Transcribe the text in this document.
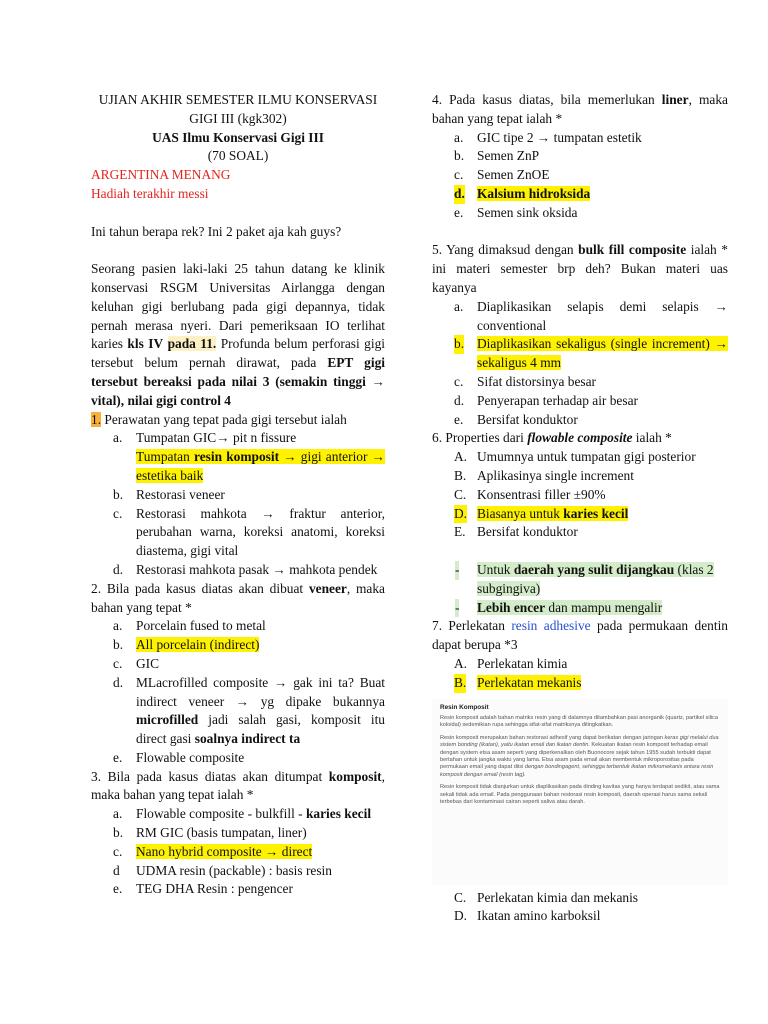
UJIAN AKHIR SEMESTER ILMU KONSERVASI

GIGI III (kgk302)

UAS Ilmu Konservasi Gigi III

(70 SOAL)

ARGENTINA MENANG

Hadiah terakhir messi

Ini tahun berapa rek? Ini 2 paket aja kah guys?

Seorang pasien laki-laki 25 tahun datang ke klinik konservasi RSGM Universitas Airlangga dengan keluhan gigi berlubang pada gigi depannya, tidak pernah merasa nyeri. Dari pemeriksaan IO terlihat karies kls IV pada 11. Profunda belum perforasi gigi tersebut belum pernah dirawat, pada EPT gigi tersebut bereaksi pada nilai 3 (semakin tinggi → vital), nilai gigi control 4

1. Perawatan yang tepat pada gigi tersebut ialah

a. Tumpatan GIC→ pit n fissure
Tumpatan resin komposit → gigi anterior → estetika baik
b. Restorasi veneer
c. Restorasi mahkota → fraktur anterior, perubahan warna, koreksi anatomi, koreksi diastema, gigi vital
d. Restorasi mahkota pasak → mahkota pendek

2. Bila pada kasus diatas akan dibuat veneer, maka bahan yang tepat *

a. Porcelain fused to metal
b. All porcelain (indirect)
c. GIC
d. MLacrofilled composite → gak ini ta? Buat indirect veneer → yg dipake bukannya microfilled jadi salah gasi, komposit itu direct gasi soalnya indirect ta
e. Flowable composite

3. Bila pada kasus diatas akan ditumpat komposit, maka bahan yang tepat ialah *

a. Flowable composite - bulkfill - karies kecil
b. RM GIC (basis tumpatan, liner)
c. Nano hybrid composite → direct
d UDMA resin (packable) : basis resin
e. TEG DHA Resin : pengencer

4. Pada kasus diatas, bila memerlukan liner, maka bahan yang tepat ialah *

a. GIC tipe 2 → tumpatan estetik
b. Semen ZnP
c. Semen ZnOE
d. Kalsium hidroksida
e. Semen sink oksida

5. Yang dimaksud dengan bulk fill composite ialah * ini materi semester brp deh? Bukan materi uas kayanya

a. Diaplikasikan selapis demi selapis → conventional
b. Diaplikasikan sekaligus (single increment) → sekaligus 4 mm
c. Sifat distorsinya besar
d. Penyerapan terhadap air besar
e. Bersifat konduktor

6. Properties dari flowable composite ialah *

A. Umumnya untuk tumpatan gigi posterior
B. Aplikasinya single increment
C. Konsentrasi filler ±90%
D. Biasanya untuk karies kecil
E. Bersifat konduktor
- Untuk daerah yang sulit dijangkau (klas 2 subgingiva)
- Lebih encer dan mampu mengalir

7. Perlekatan resin adhesive pada permukaan dentin dapat berupa *3

A. Perlekatan kimia
B. Perlekatan mekanis
Resin Komposit

Resin komposit adalah bahan matriks resin yang di dalamnya ditambahkan pasi anorganik (quartz, partikel silica koloidal) sedemikian rupa sehingga sifat-sifat matriksnya ditingkatkan.

Resin komposit merupakan bahan restorasi adhesif yang dapat berikatan dengan jaringan keras gigi melalui dua sistem bonding (ikatan), yaitu ikatan email dan ikatan dentin. Kekuatan ikatan resin komposit terhadap email dengan system etsa asam seperti yang diperkenalkan oleh Buonocore sejak tahun 1955 sudah terbukti dapat bertahan untuk jangka waktu yang lama. Etsa asam pada email akan membentuk mikroporositas pada permukaan email yang dapat diisi dengan bondingagent, sehingga terbentuk ikatan mikromekanis antara resin komposit dengan email (resin tag).

Resin komposit tidak dianjurkan untuk diaplikasikan pada dinding kavitas yang hanya terdapat sedikit, atau sama sekali tidak ada email. Pada penggunaan bahan restorasi resin komposit, daerah operasi harus sama sekali terbebas dari kontaminasi cairan seperti saliva atau darah.

C. Perlekatan kimia dan mekanis
D. Ikatan amino karboksil
